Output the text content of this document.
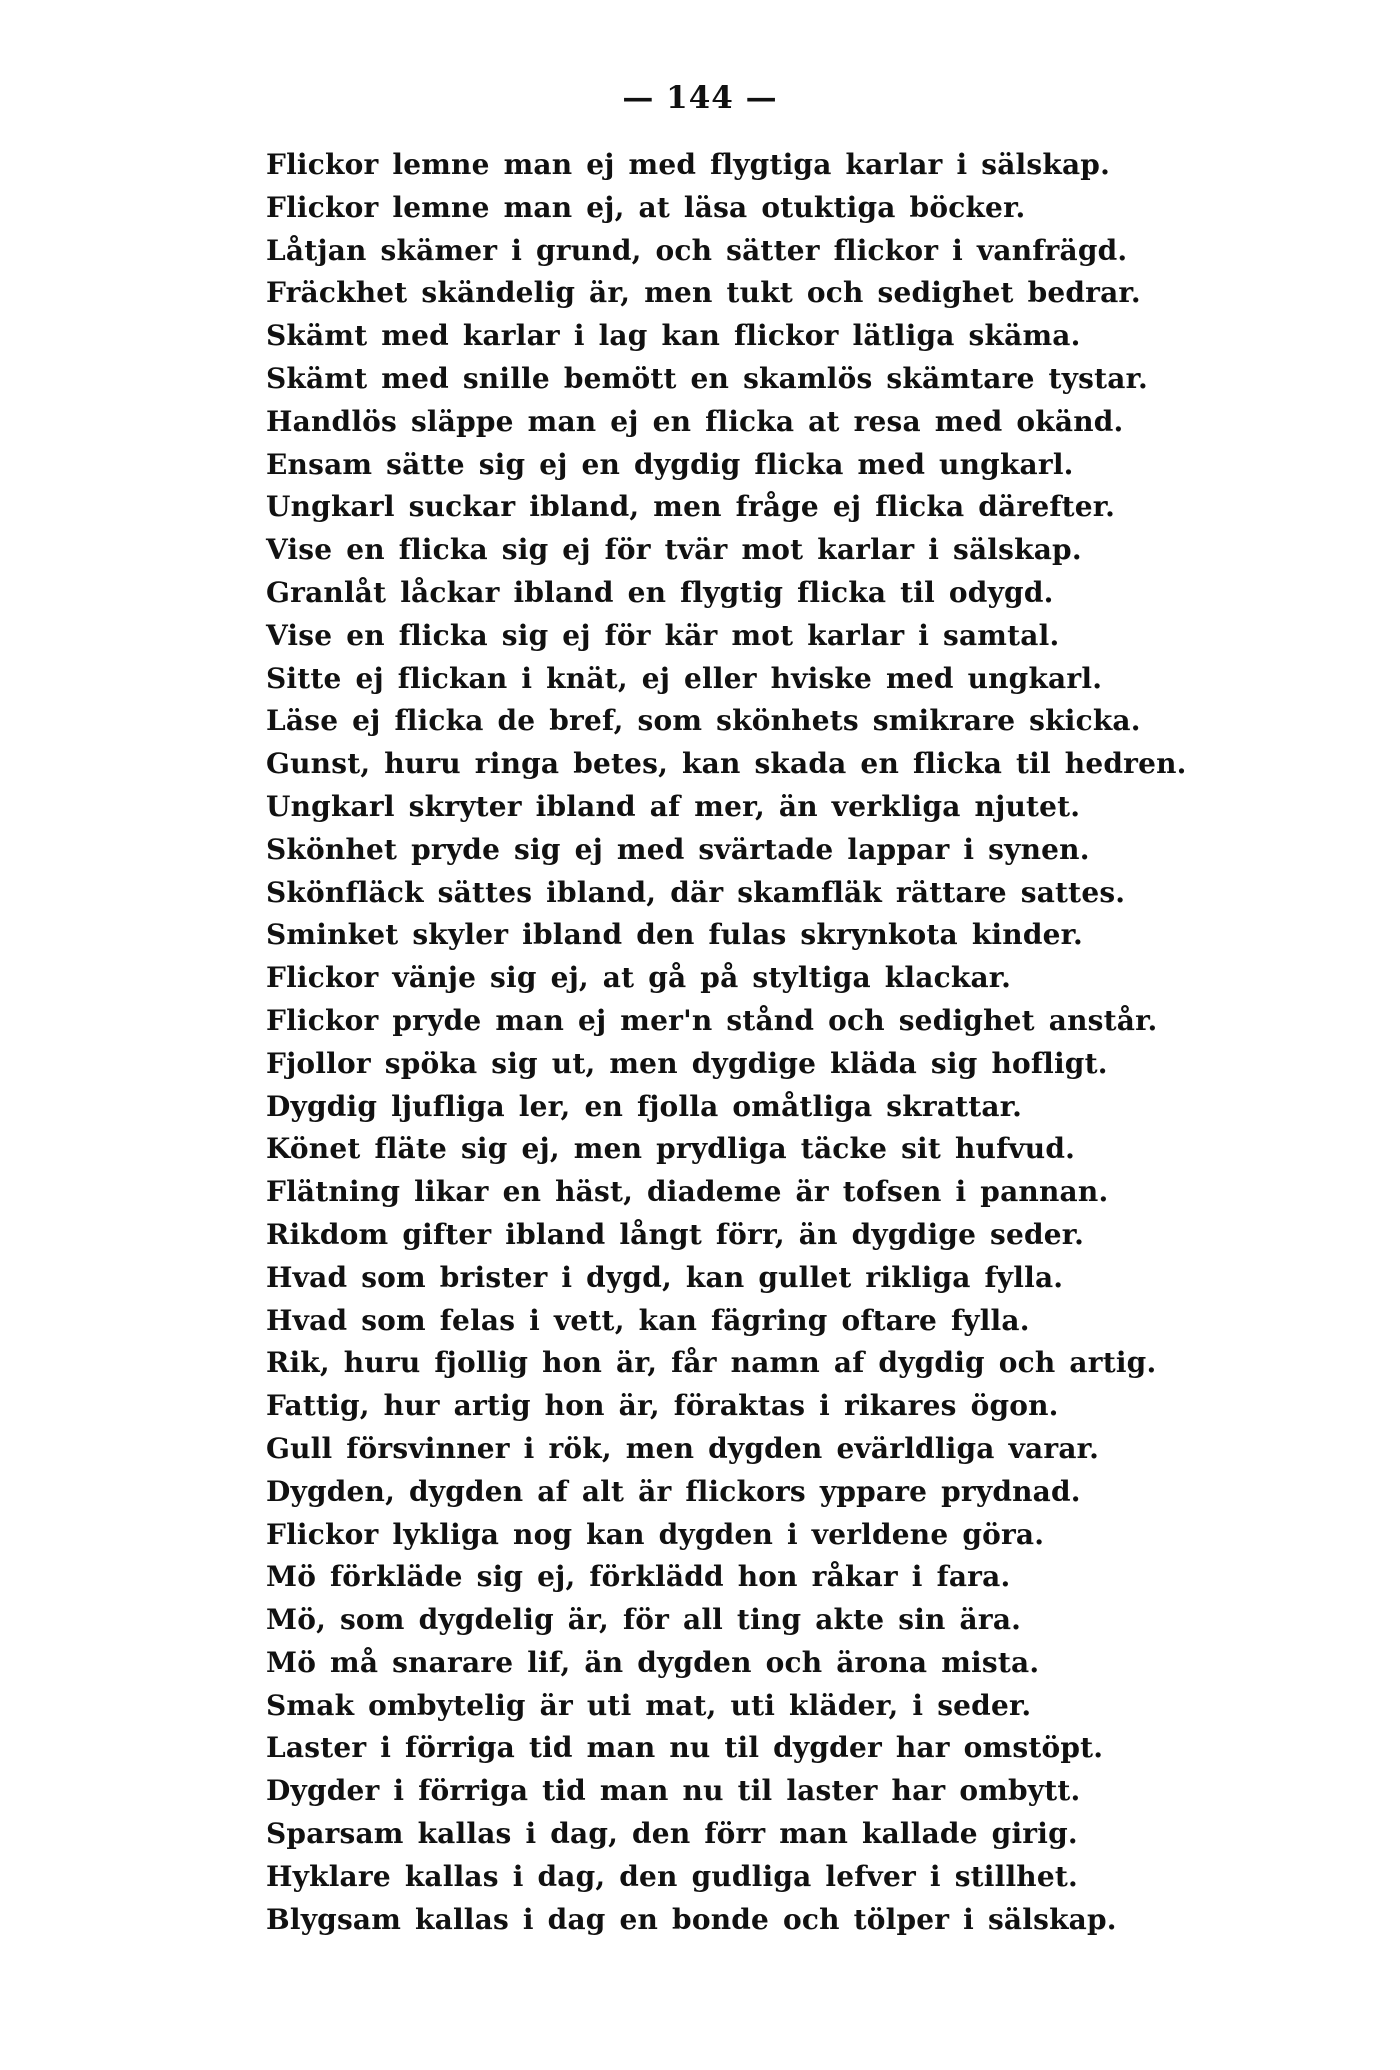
— 144 —
Flickor lemne man ej med flygtiga karlar i sälskap.
Flickor lemne man ej, at läsa otuktiga böcker.
Låtjan skämer i grund, och sätter flickor i vanfrägd.
Fräckhet skändelig är, men tukt och sedighet bedrar.
Skämt med karlar i lag kan flickor lätliga skäma.
Skämt med snille bemött en skamlös skämtare tystar.
Handlös släppe man ej en flicka at resa med okänd.
Ensam sätte sig ej en dygdig flicka med ungkarl.
Ungkarl suckar ibland, men fråge ej flicka därefter.
Vise en flicka sig ej för tvär mot karlar i sälskap.
Granlåt låckar ibland en flygtig flicka til odygd.
Vise en flicka sig ej för kär mot karlar i samtal.
Sitte ej flickan i knät, ej eller hviske med ungkarl.
Läse ej flicka de bref, som skönhets smikrare skicka.
Gunst, huru ringa betes, kan skada en flicka til hedren.
Ungkarl skryter ibland af mer, än verkliga njutet.
Skönhet pryde sig ej med svärtade lappar i synen.
Skönfläck sättes ibland, där skamfläk rättare sattes.
Sminket skyler ibland den fulas skrynkota kinder.
Flickor vänje sig ej, at gå på styltiga klackar.
Flickor pryde man ej mer'n stånd och sedighet anstår.
Fjollor spöka sig ut, men dygdige kläda sig hofligt.
Dygdig ljufliga ler, en fjolla omåtliga skrattar.
Könet fläte sig ej, men prydliga täcke sit hufvud.
Flätning likar en häst, diademe är tofsen i pannan.
Rikdom gifter ibland långt förr, än dygdige seder.
Hvad som brister i dygd, kan gullet rikliga fylla.
Hvad som felas i vett, kan fägring oftare fylla.
Rik, huru fjollig hon är, får namn af dygdig och artig.
Fattig, hur artig hon är, föraktas i rikares ögon.
Gull försvinner i rök, men dygden evärldliga varar.
Dygden, dygden af alt är flickors yppare prydnad.
Flickor lykliga nog kan dygden i verldene göra.
Mö förkläde sig ej, förklädd hon råkar i fara.
Mö, som dygdelig är, för all ting akte sin ära.
Mö må snarare lif, än dygden och ärona mista.
Smak ombytelig är uti mat, uti kläder, i seder.
Laster i förriga tid man nu til dygder har omstöpt.
Dygder i förriga tid man nu til laster har ombytt.
Sparsam kallas i dag, den förr man kallade girig.
Hyklare kallas i dag, den gudliga lefver i stillhet.
Blygsam kallas i dag en bonde och tölper i sälskap.
